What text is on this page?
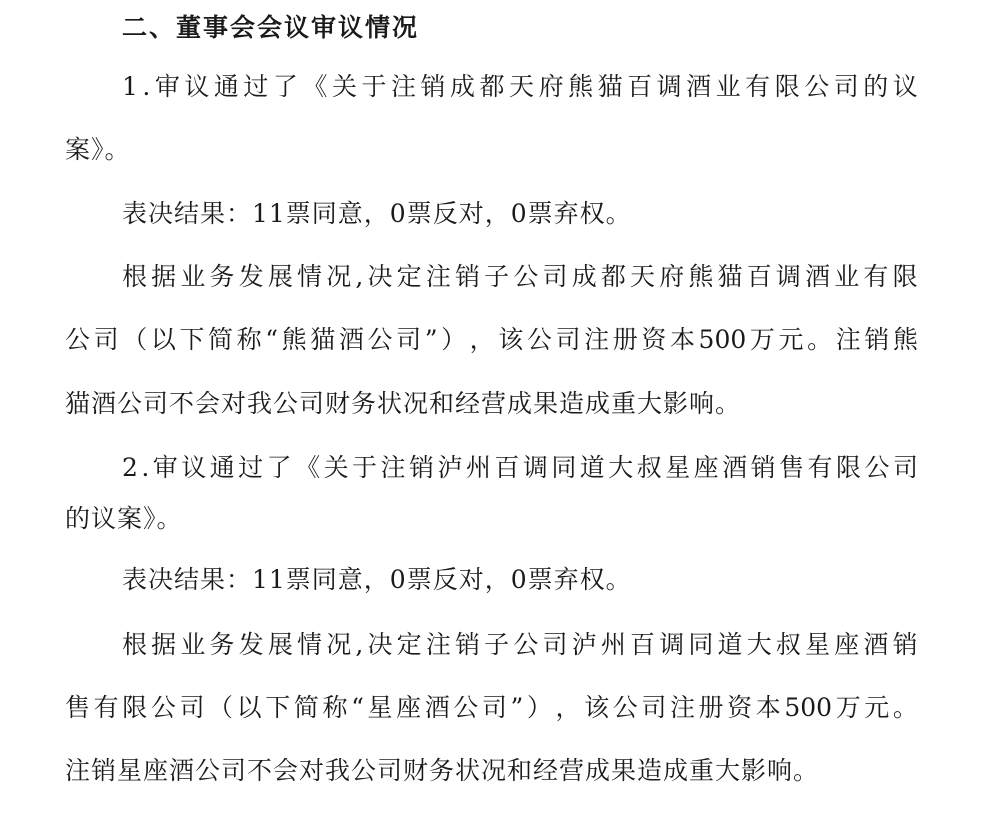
二、董事会会议审议情况
1 . 审 议 通 过 了 《 关 于 注 销 成 都 天 府 熊 猫 百 调 酒 业 有 限 公 司 的 议
案》。
表决结果：11票同意，0票反对，0票弃权。
根 据 业 务 发 展 情 况 , 决 定 注 销 子 公 司 成 都 天 府 熊 猫 百 调 酒 业 有 限
公 司 （ 以 下 简 称 “ 熊 猫 酒 公 司 ” ） ， 该 公 司 注 册 资 本 500 万 元 。 注 销 熊
猫酒公司不会对我公司财务状况和经营成果造成重大影响。
2 . 审 议 通 过 了 《 关 于 注 销 泸 州 百 调 同 道 大 叔 星 座 酒 销 售 有 限 公 司
的议案》。
表决结果：11票同意，0票反对，0票弃权。
根 据 业 务 发 展 情 况 , 决 定 注 销 子 公 司 泸 州 百 调 同 道 大 叔 星 座 酒 销
售 有 限 公 司 （ 以 下 简 称 “ 星 座 酒 公 司 ” ） ， 该 公 司 注 册 资 本 500 万 元 。
注销星座酒公司不会对我公司财务状况和经营成果造成重大影响。
